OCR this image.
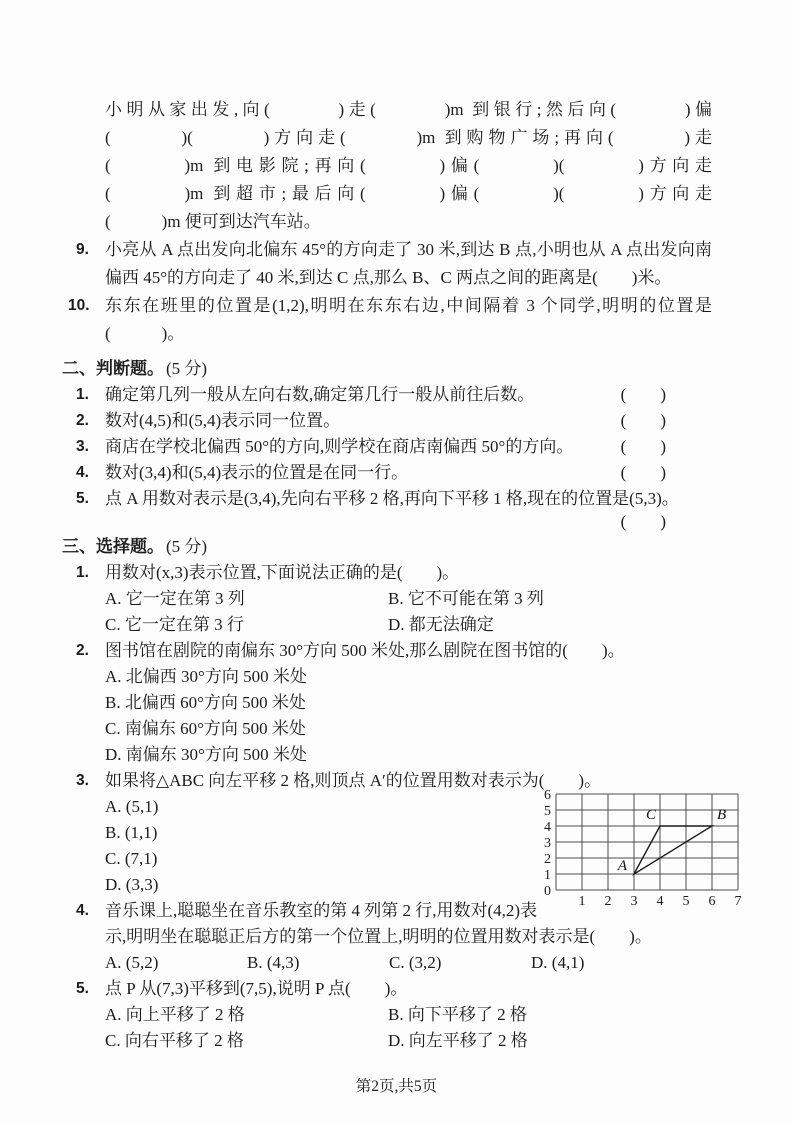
小明从家出发,向(　　　)走(　　　)m 到银行;然后向(　　　)偏
(　　　)(　　　)方向走(　　　)m 到购物广场;再向(　　　)走
(　　　)m 到电影院;再向(　　　)偏(　　　)(　　　)方向走
(　　　)m 到超市;最后向(　　　)偏(　　　)(　　　)方向走
(　　　)m 便可到达汽车站。
9. 小亮从 A 点出发向北偏东 45°的方向走了 30 米,到达 B 点,小明也从 A 点出发向南
偏西 45°的方向走了 40 米,到达 C 点,那么 B、C 两点之间的距离是(　　)米。
10. 东东在班里的位置是(1,2),明明在东东右边,中间隔着 3 个同学,明明的位置是
(　　　)。
二、判断题。 (5 分)
1. 确定第几列一般从左向右数,确定第几行一般从前往后数。	(　　)
2. 数对(4,5)和(5,4)表示同一位置。	(　　)
3. 商店在学校北偏西 50°的方向,则学校在商店南偏西 50°的方向。	(　　)
4. 数对(3,4)和(5,4)表示的位置是在同一行。	(　　)
5. 点 A 用数对表示是(3,4),先向右平移 2 格,再向下平移 1 格,现在的位置是(5,3)。
(　　)
三、选择题。 (5 分)
1. 用数对(x,3)表示位置,下面说法正确的是(　　)。
A. 它一定在第 3 列	B. 它不可能在第 3 列
C. 它一定在第 3 行	D. 都无法确定
2. 图书馆在剧院的南偏东 30°方向 500 米处,那么剧院在图书馆的(　　)。
A. 北偏西 30°方向 500 米处
B. 北偏西 60°方向 500 米处
C. 南偏东 60°方向 500 米处
D. 南偏东 30°方向 500 米处
3. 如果将△ABC 向左平移 2 格,则顶点 A′的位置用数对表示为(　　)。
A. (5,1)
B. (1,1)
C. (7,1)
D. (3,3)	0
1
2
3
4
5
6
1 2 3 4 5 6 7
A
C	B
4. 音乐课上,聪聪坐在音乐教室的第 4 列第 2 行,用数对(4,2)表
示,明明坐在聪聪正后方的第一个位置上,明明的位置用数对表示是(　　)。
A. (5,2)	B. (4,3)	C. (3,2)	D. (4,1)
5. 点 P 从(7,3)平移到(7,5),说明 P 点(　　)。
A. 向上平移了 2 格	B. 向下平移了 2 格
C. 向右平移了 2 格	D. 向左平移了 2 格
第2页,共5页
